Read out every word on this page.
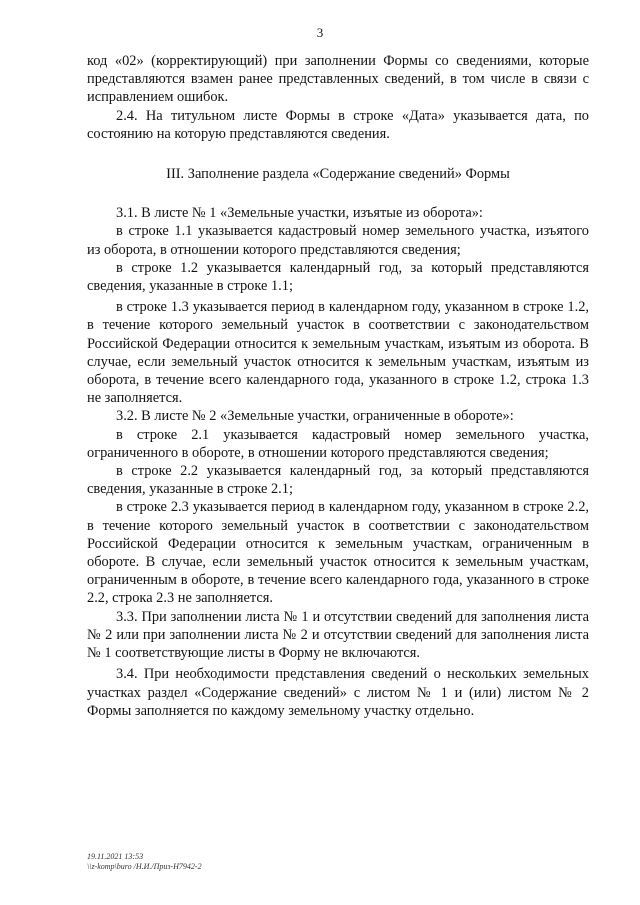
3

код «02» (корректирующий) при заполнении Формы со сведениями, которые представляются взамен ранее представленных сведений, в том числе в связи с исправлением ошибок.

2.4. На титульном листе Формы в строке «Дата» указывается дата, по состоянию на которую представляются сведения.

III. Заполнение раздела «Содержание сведений» Формы

3.1. В листе № 1 «Земельные участки, изъятые из оборота»:

в строке 1.1 указывается кадастровый номер земельного участка, изъятого из оборота, в отношении которого представляются сведения;

в строке 1.2 указывается календарный год, за который представляются сведения, указанные в строке 1.1;

в строке 1.3 указывается период в календарном году, указанном в строке 1.2, в течение которого земельный участок в соответствии с законодательством Российской Федерации относится к земельным участкам, изъятым из оборота. В случае, если земельный участок относится к земельным участкам, изъятым из оборота, в течение всего календарного года, указанного в строке 1.2, строка 1.3 не заполняется.

3.2. В листе № 2 «Земельные участки, ограниченные в обороте»:

в строке 2.1 указывается кадастровый номер земельного участка, ограниченного в обороте, в отношении которого представляются сведения;

в строке 2.2 указывается календарный год, за который представляются сведения, указанные в строке 2.1;

в строке 2.3 указывается период в календарном году, указанном в строке 2.2, в течение которого земельный участок в соответствии с законодательством Российской Федерации относится к земельным участкам, ограниченным в обороте. В случае, если земельный участок относится к земельным участкам, ограниченным в обороте, в течение всего календарного года, указанного в строке 2.2, строка 2.3 не заполняется.

3.3. При заполнении листа № 1 и отсутствии сведений для заполнения листа № 2 или при заполнении листа № 2 и отсутствии сведений для заполнения листа № 1 соответствующие листы в Форму не включаются.

3.4. При необходимости представления сведений о нескольких земельных участках раздел «Содержание сведений» с листом № 1 и (или) листом № 2 Формы заполняется по каждому земельному участку отдельно.

19.11.2021 13:53
\\z-komp\buro /Н.И./Приз-Н7942-2
